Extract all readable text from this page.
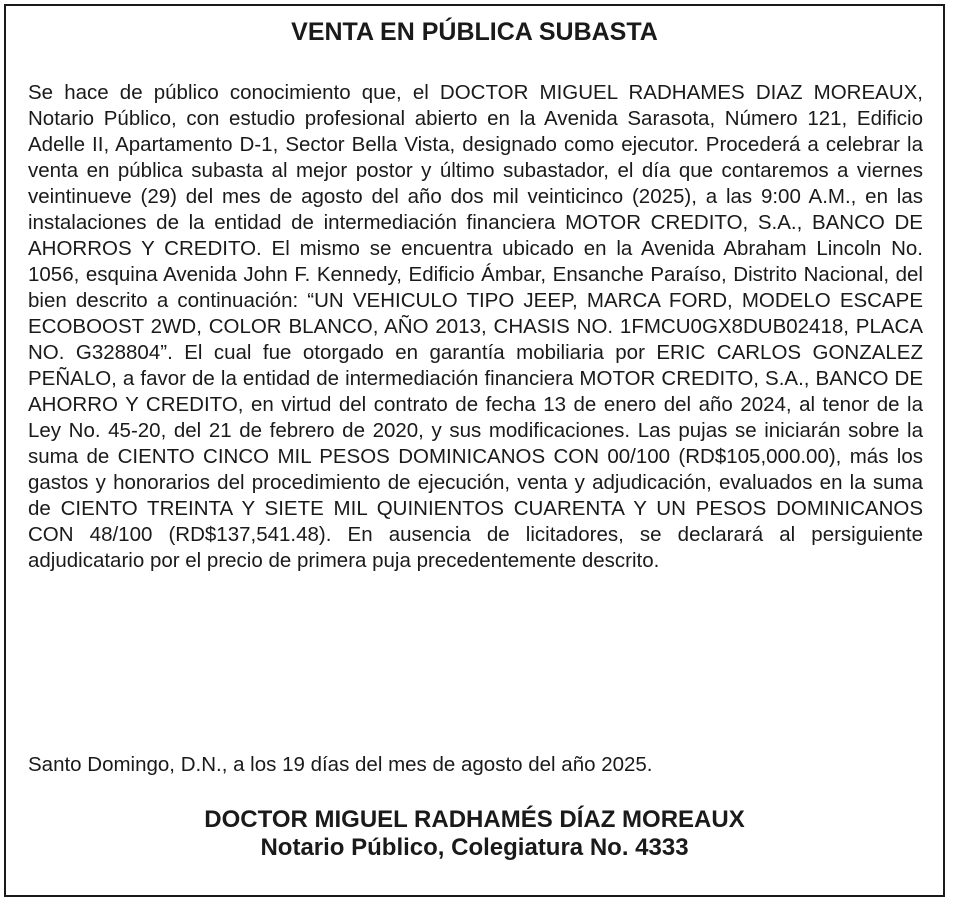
VENTA EN PÚBLICA SUBASTA

Se hace de público conocimiento que, el DOCTOR MIGUEL RADHAMES DIAZ MOREAUX, Notario Público, con estudio profesional abierto en la Avenida Sarasota, Número 121, Edificio Adelle II, Apartamento D-1, Sector Bella Vista, designado como ejecutor. Procederá a celebrar la venta en pública subasta al mejor postor y último subastador, el día que contaremos a viernes veintinueve (29) del mes de agosto del año dos mil veinticinco (2025), a las 9:00 A.M., en las instalaciones de la entidad de intermediación financiera MOTOR CREDITO, S.A., BANCO DE AHORROS Y CREDITO. El mismo se encuentra ubicado en la Avenida Abraham Lincoln No. 1056, esquina Avenida John F. Kennedy, Edificio Ámbar, Ensanche Paraíso, Distrito Nacional, del bien descrito a continuación: “UN VEHICULO TIPO JEEP, MARCA FORD, MODELO ESCAPE ECOBOOST 2WD, COLOR BLANCO, AÑO 2013, CHASIS NO. 1FMCU0GX8DUB02418, PLACA NO. G328804”. El cual fue otorgado en garantía mobiliaria por ERIC CARLOS GONZALEZ PEÑALO, a favor de la entidad de intermediación financiera MOTOR CREDITO, S.A., BANCO DE AHORRO Y CREDITO, en virtud del contrato de fecha 13 de enero del año 2024, al tenor de la Ley No. 45-20, del 21 de febrero de 2020, y sus modificaciones. Las pujas se iniciarán sobre la suma de CIENTO CINCO MIL PESOS DOMINICANOS CON 00/100 (RD$105,000.00), más los gastos y honorarios del procedimiento de ejecución, venta y adjudicación, evaluados en la suma de CIENTO TREINTA Y SIETE MIL QUINIENTOS CUARENTA Y UN PESOS DOMINICANOS CON 48/100 (RD$137,541.48). En ausencia de licitadores, se declarará al persiguiente adjudicatario por el precio de primera puja precedentemente descrito.

Santo Domingo, D.N., a los 19 días del mes de agosto del año 2025.

DOCTOR MIGUEL RADHAMÉS DÍAZ MOREAUX
Notario Público, Colegiatura No. 4333
